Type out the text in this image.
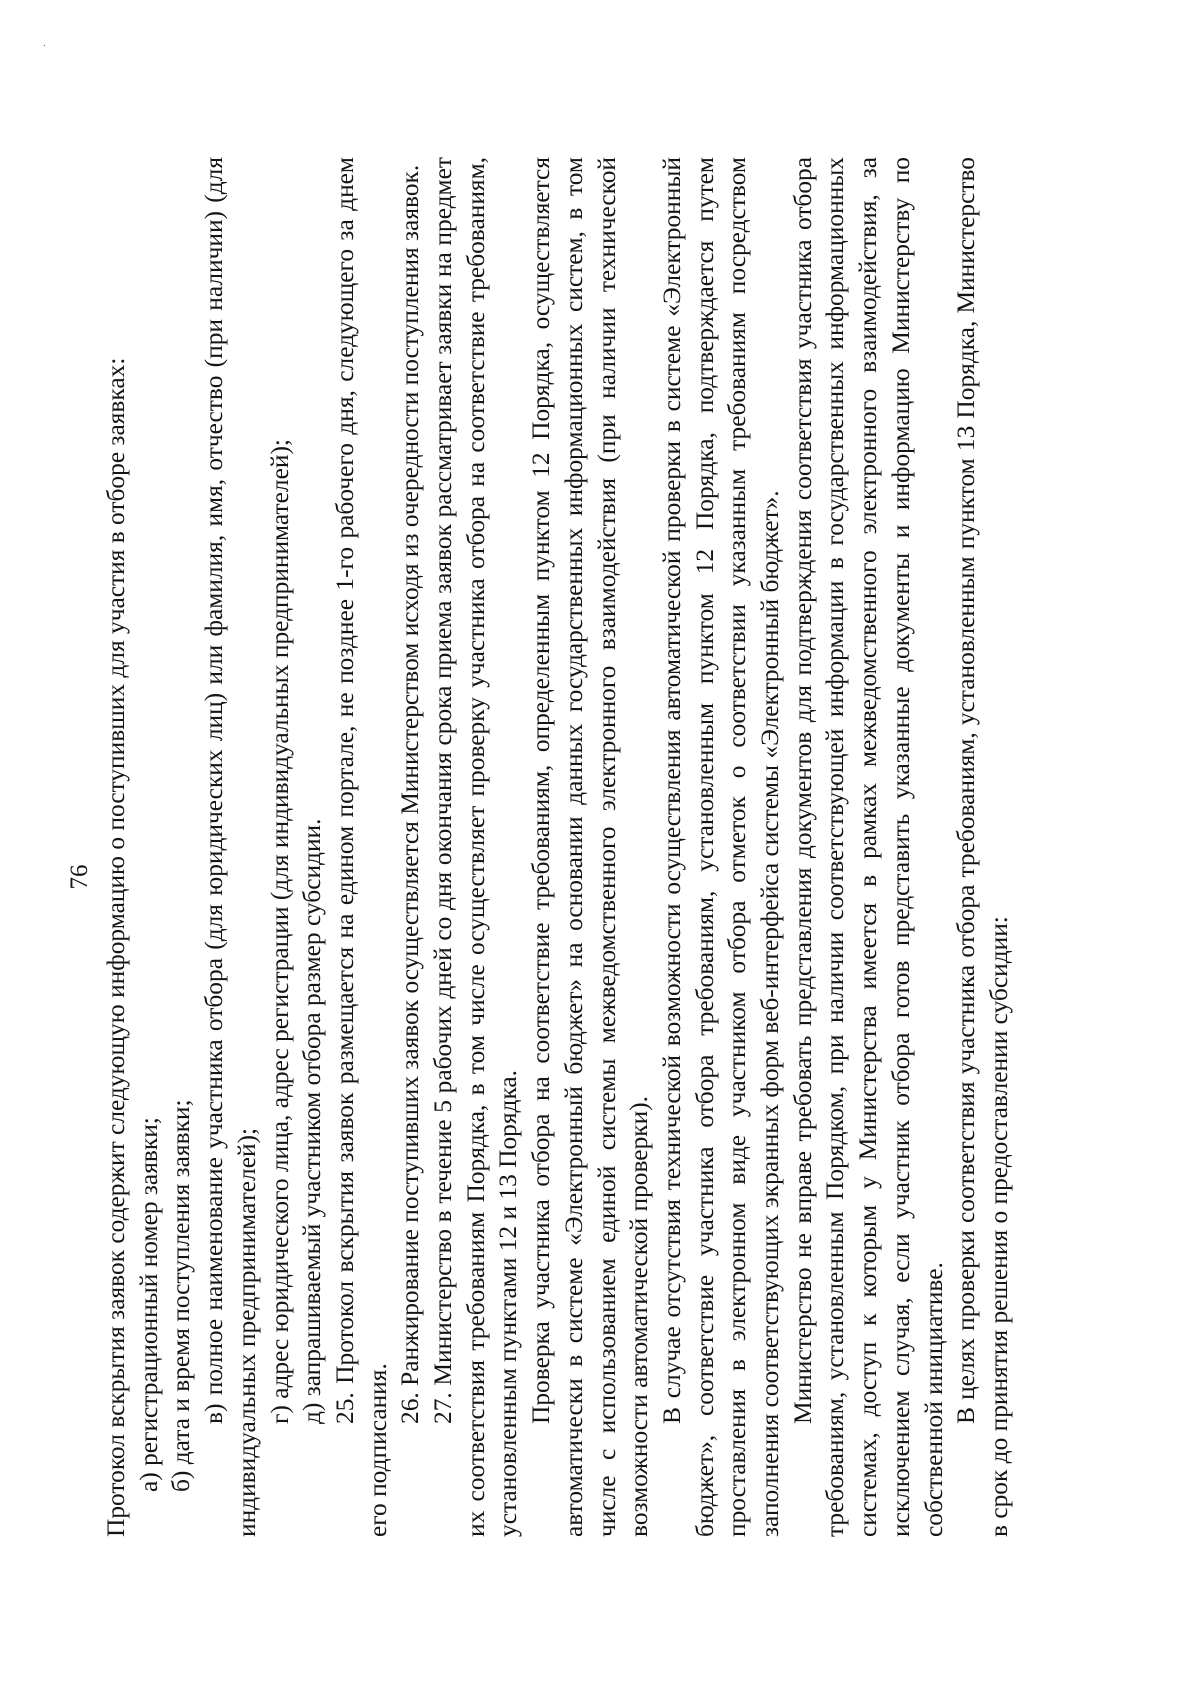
76
·

Протокол вскрытия заявок содержит следующую информацию о поступивших для участия в отборе заявках: а) регистрационный номер заявки; б) дата и время поступления заявки; в) полное наименование участника отбора (для юридических лиц) или фамилия, имя, отчество (при наличии) (для индивидуальных предпринимателей); г) адрес юридического лица, адрес регистрации (для индивидуальных предпринимателей); д) запрашиваемый участником отбора размер субсидии. 25. Протокол вскрытия заявок размещается на едином портале, не позднее 1-го рабочего дня, следующего за днем его подписания.

26. Ранжирование поступивших заявок осуществляется Министерством исходя из очередности поступления заявок. 27. Министерство в течение 5 рабочих дней со дня окончания срока приема заявок рассматривает заявки на предмет их соответствия требованиям Порядка, в том числе осуществляет проверку участника отбора на соответствие требованиям, установленным пунктами 12 и 13 Порядка. Проверка участника отбора на соответствие требованиям, определенным пунктом 12 Порядка, осуществляется автоматически в системе «Электронный бюджет» на основании данных государственных информационных систем, в том числе с использованием единой системы межведомственного электронного взаимодействия (при наличии технической возможности автоматической проверки). В случае отсутствия технической возможности осуществления автоматической проверки в системе «Электронный бюджет», соответствие участника отбора требованиям, установленным пунктом 12 Порядка, подтверждается путем проставления в электронном виде участником отбора отметок о соответствии указанным требованиям посредством заполнения соответствующих экранных форм веб-интерфейса системы «Электронный бюджет». Министерство не вправе требовать представления документов для подтверждения соответствия участника отбора требованиям, установленным Порядком, при наличии соответствующей информации в государственных информационных системах, доступ к которым у Министерства имеется в рамках межведомственного электронного взаимодействия, за исключением случая, если участник отбора готов представить указанные документы и информацию Министерству по собственной инициативе. В целях проверки соответствия участника отбора требованиям, установленным пунктом 13 Порядка, Министерство в срок до принятия решения о предоставлении субсидии:
